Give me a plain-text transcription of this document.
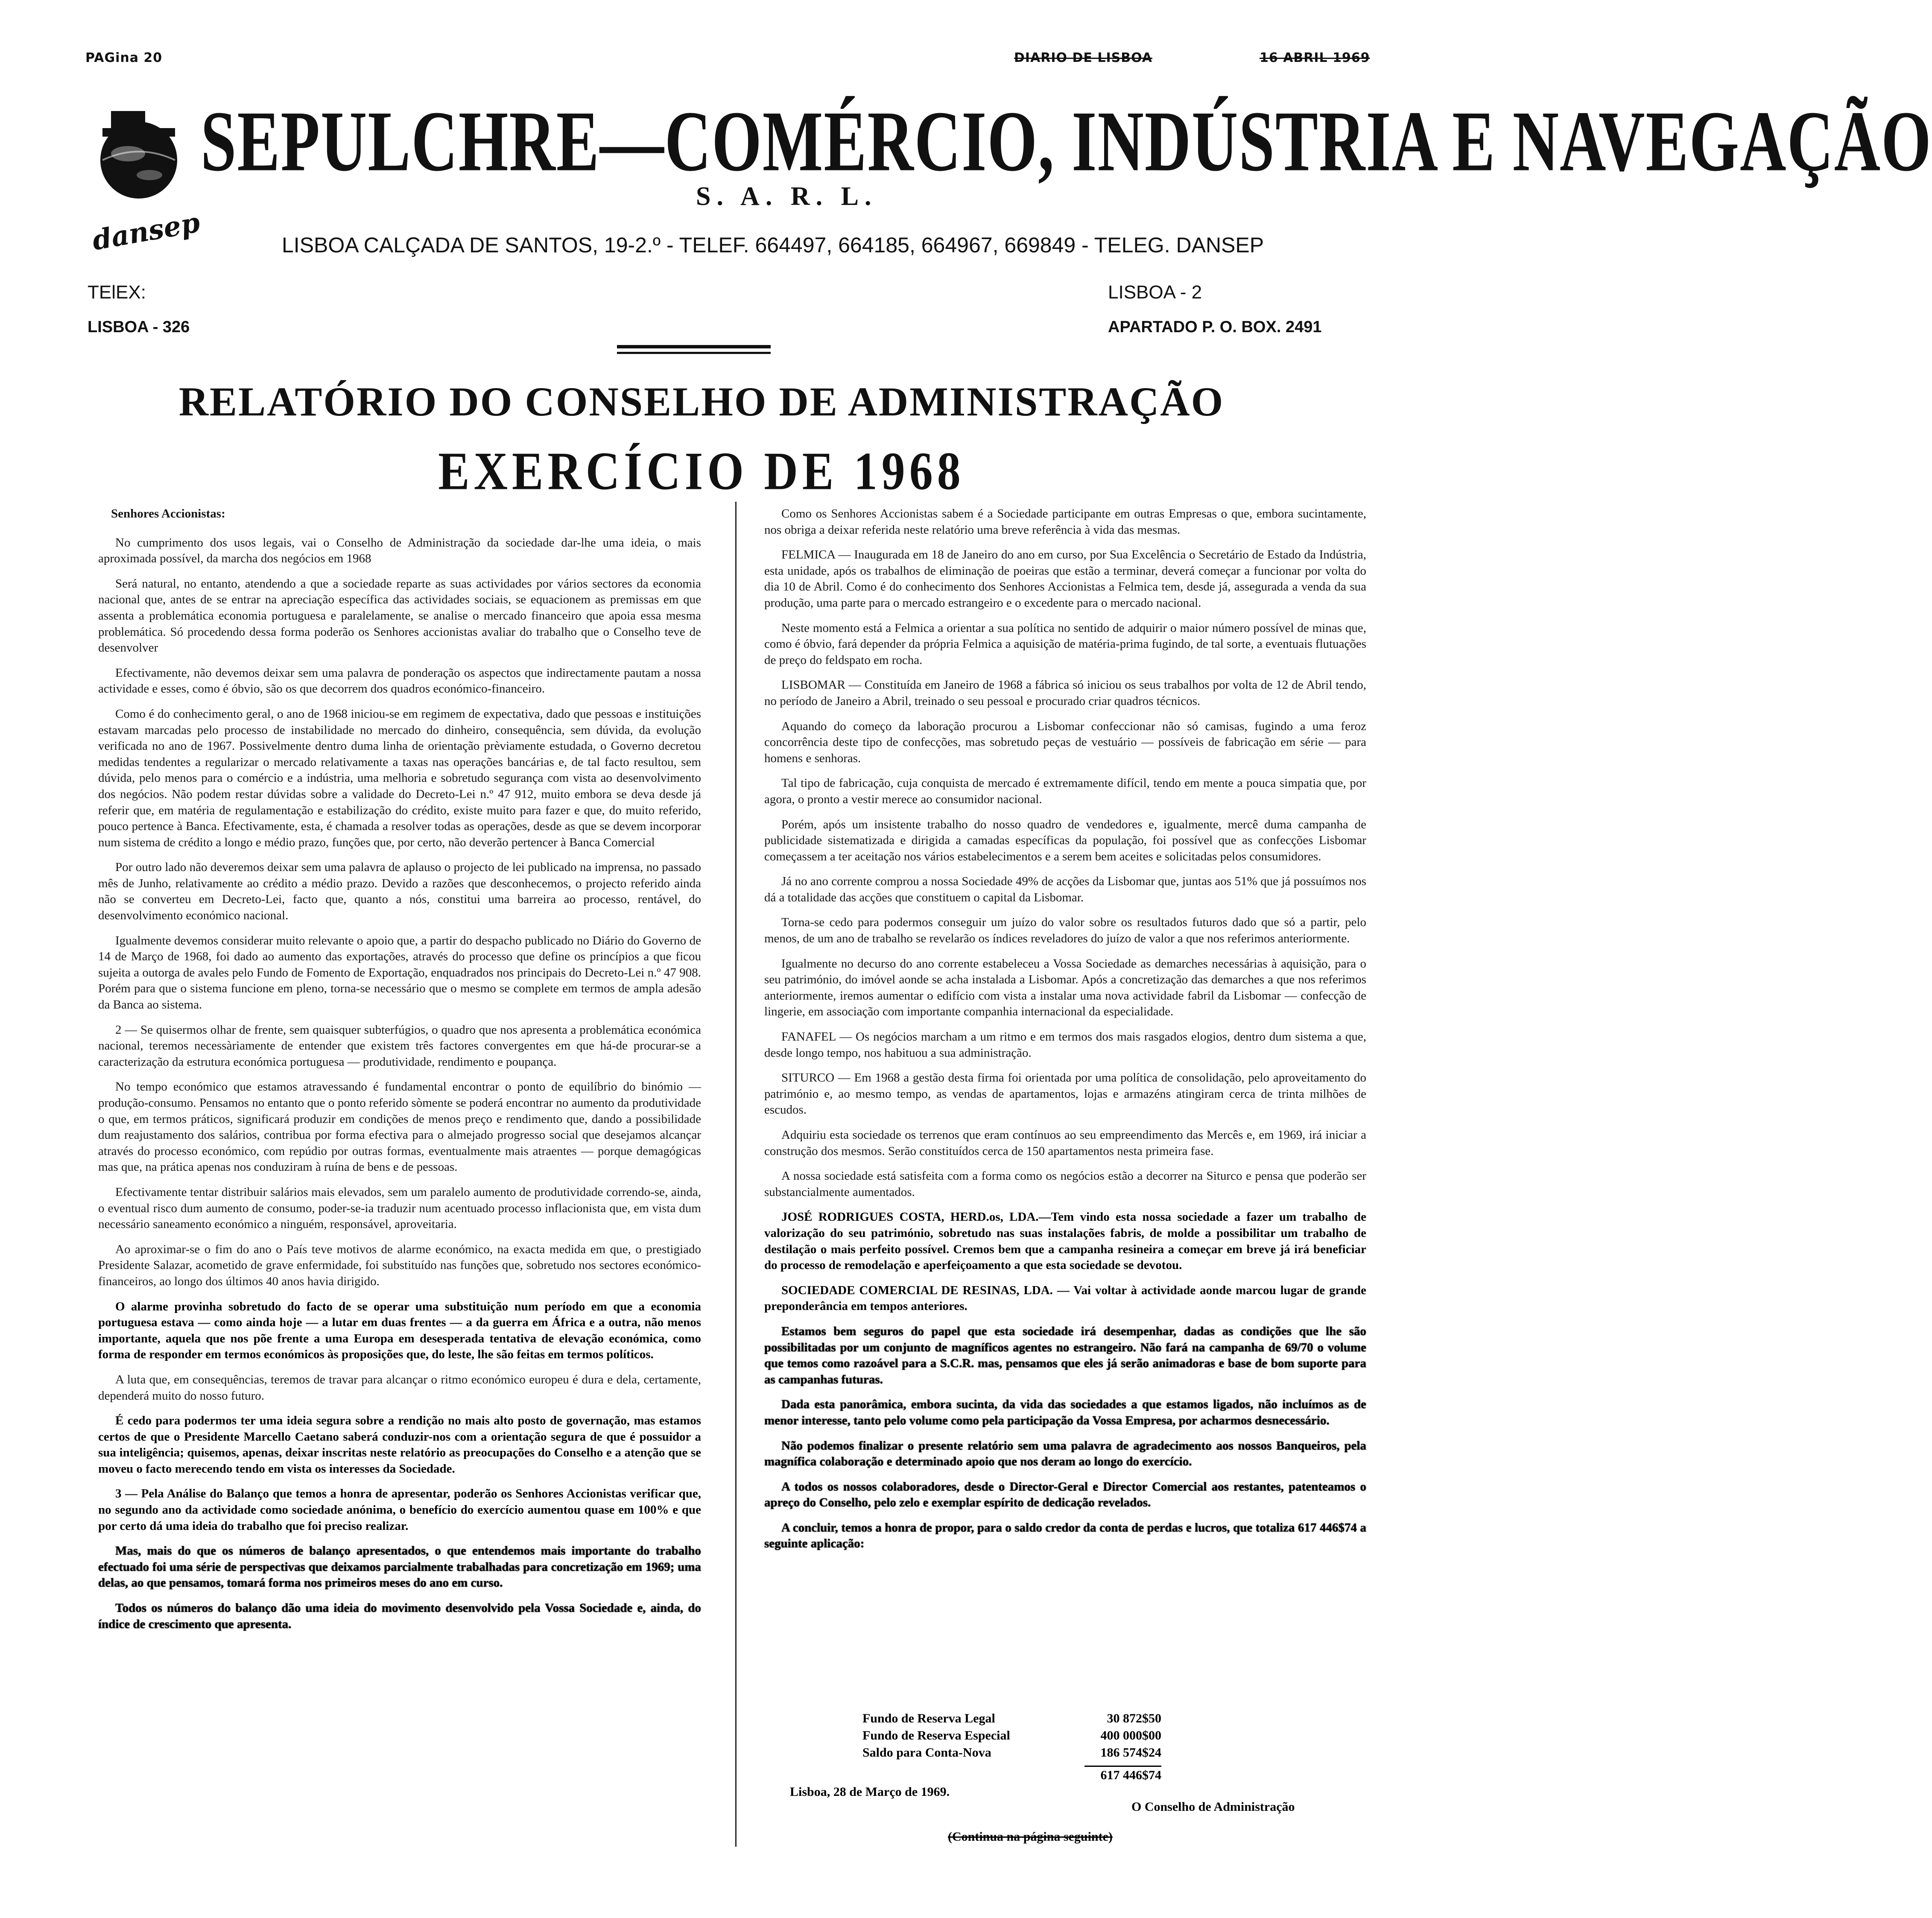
PAGina 20	DIARIO DE LISBOA	16 ABRIL 1969
dansep
SEPULCHRE—COMÉRCIO, INDÚSTRIA E NAVEGAÇÃO
S. A. R. L.
LISBOA CALÇADA DE SANTOS, 19-2.º - TELEF. 664497, 664185, 664967, 669849 - TELEG. DANSEP
TElEX:
LISBOA - 326
LISBOA - 2
APARTADO P. O. BOX. 2491
RELATÓRIO DO CONSELHO DE ADMINISTRAÇÃO
EXERCÍCIO DE 1968

Senhores Accionistas:

No cumprimento dos usos legais, vai o Conselho de Administração da sociedade dar-lhe uma ideia, o mais aproximada possível, da marcha dos negócios em 1968

Será natural, no entanto, atendendo a que a sociedade reparte as suas actividades por vários sectores da economia nacional que, antes de se entrar na apreciação específica das actividades sociais, se equacionem as premissas em que assenta a problemática economia portuguesa e paralelamente, se analise o mercado financeiro que apoia essa mesma problemática. Só procedendo dessa forma poderão os Senhores accionistas avaliar do trabalho que o Conselho teve de desenvolver

Efectivamente, não devemos deixar sem uma palavra de ponderação os aspectos que indirectamente pautam a nossa actividade e esses, como é óbvio, são os que decorrem dos quadros económico-financeiro.

Como é do conhecimento geral, o ano de 1968 iniciou-se em regimem de expectativa, dado que pessoas e instituições estavam marcadas pelo processo de instabilidade no mercado do dinheiro, consequência, sem dúvida, da evolução verificada no ano de 1967. Possivelmente dentro duma linha de orientação prèviamente estudada, o Governo decretou medidas tendentes a regularizar o mercado relativamente a taxas nas operações bancárias e, de tal facto resultou, sem dúvida, pelo menos para o comércio e a indústria, uma melhoria e sobretudo segurança com vista ao desenvolvimento dos negócios. Não podem restar dúvidas sobre a validade do Decreto-Lei n.º 47 912, muito embora se deva desde já referir que, em matéria de regulamentação e estabilização do crédito, existe muito para fazer e que, do muito referido, pouco pertence à Banca. Efectivamente, esta, é chamada a resolver todas as operações, desde as que se devem incorporar num sistema de crédito a longo e médio prazo, funções que, por certo, não deverão pertencer à Banca Comercial

Por outro lado não deveremos deixar sem uma palavra de aplauso o projecto de lei publicado na imprensa, no passado mês de Junho, relativamente ao crédito a médio prazo. Devido a razões que desconhecemos, o projecto referido ainda não se converteu em Decreto-Lei, facto que, quanto a nós, constitui uma barreira ao processo, rentável, do desenvolvimento económico nacional.

Igualmente devemos considerar muito relevante o apoio que, a partir do despacho publicado no Diário do Governo de 14 de Março de 1968, foi dado ao aumento das exportações, através do processo que define os princípios a que ficou sujeita a outorga de avales pelo Fundo de Fomento de Exportação, enquadrados nos principais do Decreto-Lei n.º 47 908. Porém para que o sistema funcione em pleno, torna-se necessário que o mesmo se complete em termos de ampla adesão da Banca ao sistema.

2 — Se quisermos olhar de frente, sem quaisquer subterfúgios, o quadro que nos apresenta a problemática económica nacional, teremos necessàriamente de entender que existem três factores convergentes em que há-de procurar-se a caracterização da estrutura económica portuguesa — produtividade, rendimento e poupança.

No tempo económico que estamos atravessando é fundamental encontrar o ponto de equilíbrio do binómio — produção-consumo. Pensamos no entanto que o ponto referido sòmente se poderá encontrar no aumento da produtividade o que, em termos práticos, significará produzir em condições de menos preço e rendimento que, dando a possibilidade dum reajustamento dos salários, contribua por forma efectiva para o almejado progresso social que desejamos alcançar através do processo económico, com repúdio por outras formas, eventualmente mais atraentes — porque demagógicas mas que, na prática apenas nos conduziram à ruína de bens e de pessoas.

Efectivamente tentar distribuir salários mais elevados, sem um paralelo aumento de produtividade correndo-se, ainda, o eventual risco dum aumento de consumo, poder-se-ia traduzir num acentuado processo inflacionista que, em vista dum necessário saneamento económico a ninguém, responsável, aproveitaria.

Ao aproximar-se o fim do ano o País teve motivos de alarme económico, na exacta medida em que, o prestigiado Presidente Salazar, acometido de grave enfermidade, foi substituído nas funções que, sobretudo nos sectores económico-financeiros, ao longo dos últimos 40 anos havia dirigido.

O alarme provinha sobretudo do facto de se operar uma substituição num período em que a economia portuguesa estava — como ainda hoje — a lutar em duas frentes — a da guerra em África e a outra, não menos importante, aquela que nos põe frente a uma Europa em desesperada tentativa de elevação económica, como forma de responder em termos económicos às proposições que, do leste, lhe são feitas em termos políticos.

A luta que, em consequências, teremos de travar para alcançar o ritmo económico europeu é dura e dela, certamente, dependerá muito do nosso futuro.

É cedo para podermos ter uma ideia segura sobre a rendição no mais alto posto de governação, mas estamos certos de que o Presidente Marcello Caetano saberá conduzir-nos com a orientação segura de que é possuidor a sua inteligência; quisemos, apenas, deixar inscritas neste relatório as preocupações do Conselho e a atenção que se moveu o facto merecendo tendo em vista os interesses da Sociedade.

3 — Pela Análise do Balanço que temos a honra de apresentar, poderão os Senhores Accionistas verificar que, no segundo ano da actividade como sociedade anónima, o benefício do exercício aumentou quase em 100% e que por certo dá uma ideia do trabalho que foi preciso realizar.

Mas, mais do que os números de balanço apresentados, o que entendemos mais importante do trabalho efectuado foi uma série de perspectivas que deixamos parcialmente trabalhadas para concretização em 1969; uma delas, ao que pensamos, tomará forma nos primeiros meses do ano em curso.

Todos os números do balanço dão uma ideia do movimento desenvolvido pela Vossa Sociedade e, ainda, do índice de crescimento que apresenta.

Como os Senhores Accionistas sabem é a Sociedade participante em outras Empresas o que, embora sucintamente, nos obriga a deixar referida neste relatório uma breve referência à vida das mesmas.

FELMICA — Inaugurada em 18 de Janeiro do ano em curso, por Sua Excelência o Secretário de Estado da Indústria, esta unidade, após os trabalhos de eliminação de poeiras que estão a terminar, deverá começar a funcionar por volta do dia 10 de Abril. Como é do conhecimento dos Senhores Accionistas a Felmica tem, desde já, assegurada a venda da sua produção, uma parte para o mercado estrangeiro e o excedente para o mercado nacional.

Neste momento está a Felmica a orientar a sua política no sentido de adquirir o maior número possível de minas que, como é óbvio, fará depender da própria Felmica a aquisição de matéria-prima fugindo, de tal sorte, a eventuais flutuações de preço do feldspato em rocha.

LISBOMAR — Constituída em Janeiro de 1968 a fábrica só iniciou os seus trabalhos por volta de 12 de Abril tendo, no período de Janeiro a Abril, treinado o seu pessoal e procurado criar quadros técnicos.

Aquando do começo da laboração procurou a Lisbomar confeccionar não só camisas, fugindo a uma feroz concorrência deste tipo de confecções, mas sobretudo peças de vestuário — possíveis de fabricação em série — para homens e senhoras.

Tal tipo de fabricação, cuja conquista de mercado é extremamente difícil, tendo em mente a pouca simpatia que, por agora, o pronto a vestir merece ao consumidor nacional.

Porém, após um insistente trabalho do nosso quadro de vendedores e, igualmente, mercê duma campanha de publicidade sistematizada e dirigida a camadas específicas da população, foi possível que as confecções Lisbomar começassem a ter aceitação nos vários estabelecimentos e a serem bem aceites e solicitadas pelos consumidores.

Já no ano corrente comprou a nossa Sociedade 49% de acções da Lisbomar que, juntas aos 51% que já possuímos nos dá a totalidade das acções que constituem o capital da Lisbomar.

Torna-se cedo para podermos conseguir um juízo do valor sobre os resultados futuros dado que só a partir, pelo menos, de um ano de trabalho se revelarão os índices reveladores do juízo de valor a que nos referimos anteriormente.

Igualmente no decurso do ano corrente estabeleceu a Vossa Sociedade as demarches necessárias à aquisição, para o seu património, do imóvel aonde se acha instalada a Lisbomar. Após a concretização das demarches a que nos referimos anteriormente, iremos aumentar o edifício com vista a instalar uma nova actividade fabril da Lisbomar — confecção de lingerie, em associação com importante companhia internacional da especialidade.

FANAFEL — Os negócios marcham a um ritmo e em termos dos mais rasgados elogios, dentro dum sistema a que, desde longo tempo, nos habituou a sua administração.

SITURCO — Em 1968 a gestão desta firma foi orientada por uma política de consolidação, pelo aproveitamento do património e, ao mesmo tempo, as vendas de apartamentos, lojas e armazéns atingiram cerca de trinta milhões de escudos.

Adquiriu esta sociedade os terrenos que eram contínuos ao seu empreendimento das Mercês e, em 1969, irá iniciar a construção dos mesmos. Serão constituídos cerca de 150 apartamentos nesta primeira fase.

A nossa sociedade está satisfeita com a forma como os negócios estão a decorrer na Siturco e pensa que poderão ser substancialmente aumentados.

JOSÉ RODRIGUES COSTA, HERD.os, LDA.—Tem vindo esta nossa sociedade a fazer um trabalho de valorização do seu património, sobretudo nas suas instalações fabris, de molde a possibilitar um trabalho de destilação o mais perfeito possível. Cremos bem que a campanha resineira a começar em breve já irá beneficiar do processo de remodelação e aperfeiçoamento a que esta sociedade se devotou.

SOCIEDADE COMERCIAL DE RESINAS, LDA. — Vai voltar à actividade aonde marcou lugar de grande preponderância em tempos anteriores.

Estamos bem seguros do papel que esta sociedade irá desempenhar, dadas as condições que lhe são possibilitadas por um conjunto de magníficos agentes no estrangeiro. Não fará na campanha de 69/70 o volume que temos como razoável para a S.C.R. mas, pensamos que eles já serão animadoras e base de bom suporte para as campanhas futuras.

Dada esta panorâmica, embora sucinta, da vida das sociedades a que estamos ligados, não incluímos as de menor interesse, tanto pelo volume como pela participação da Vossa Empresa, por acharmos desnecessário.

Não podemos finalizar o presente relatório sem uma palavra de agradecimento aos nossos Banqueiros, pela magnífica colaboração e determinado apoio que nos deram ao longo do exercício.

A todos os nossos colaboradores, desde o Director-Geral e Director Comercial aos restantes, patenteamos o apreço do Conselho, pelo zelo e exemplar espírito de dedicação revelados.

A concluir, temos a honra de propor, para o saldo credor da conta de perdas e lucros, que totaliza 617 446$74 a seguinte aplicação:

Fundo de Reserva Legal	30 872$50
Fundo de Reserva Especial	400 000$00
Saldo para Conta-Nova	186 574$24
617 446$74
Lisboa, 28 de Março de 1969.
O Conselho de Administração
(Continua na página seguinte)
